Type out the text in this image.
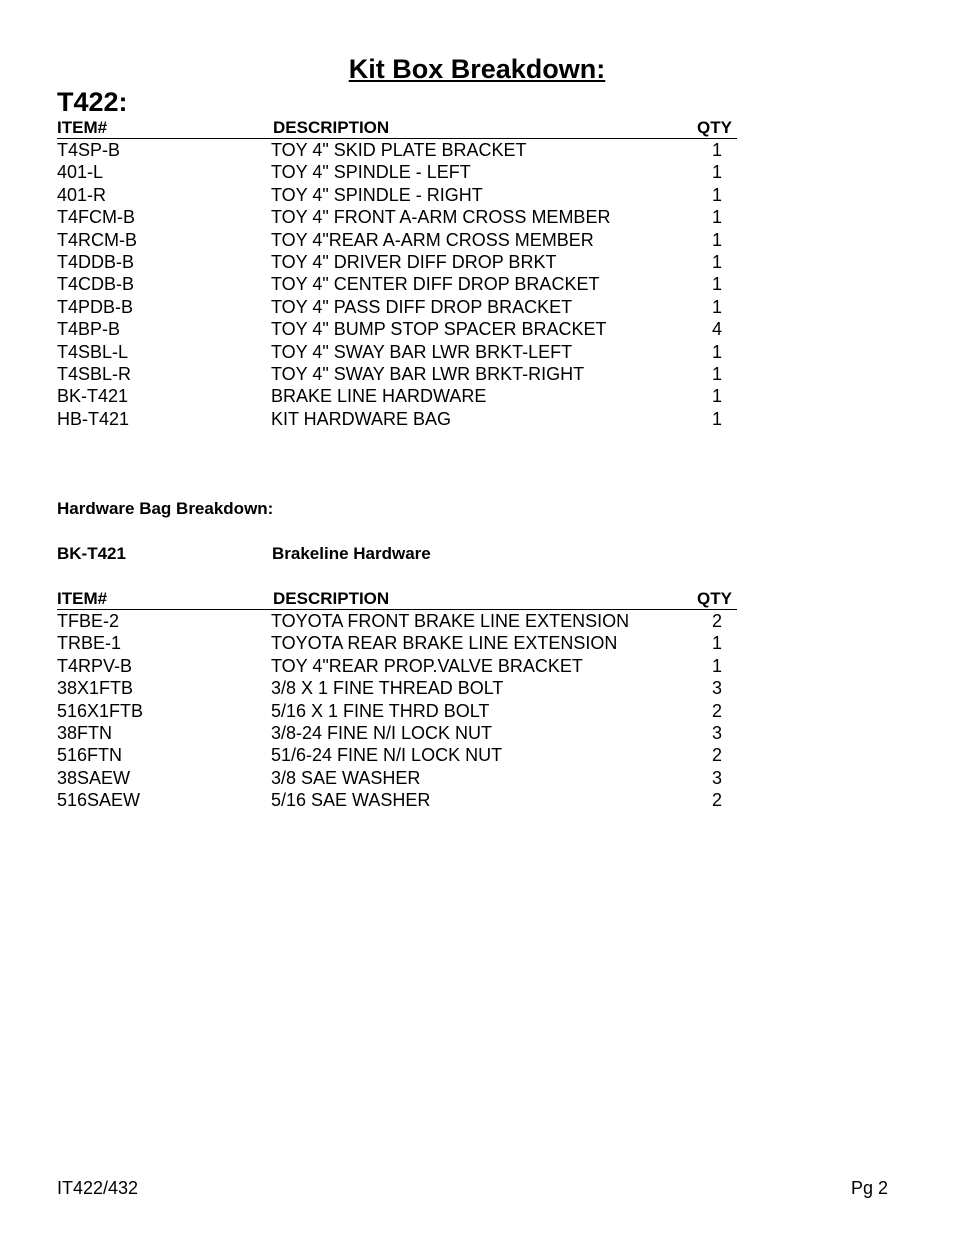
Kit Box Breakdown:
T422:
ITEM#	DESCRIPTION	QTY
T4SP-B	TOY 4" SKID PLATE BRACKET	1
401-L	TOY 4" SPINDLE - LEFT	1
401-R	TOY 4" SPINDLE - RIGHT	1
T4FCM-B	TOY 4" FRONT A-ARM CROSS MEMBER	1
T4RCM-B	TOY 4"REAR A-ARM CROSS MEMBER	1
T4DDB-B	TOY 4" DRIVER DIFF DROP BRKT	1
T4CDB-B	TOY 4" CENTER DIFF DROP BRACKET	1
T4PDB-B	TOY 4" PASS DIFF DROP BRACKET	1
T4BP-B	TOY 4" BUMP STOP SPACER BRACKET	4
T4SBL-L	TOY 4" SWAY BAR LWR BRKT-LEFT	1
T4SBL-R	TOY 4" SWAY BAR LWR BRKT-RIGHT	1
BK-T421	BRAKE LINE HARDWARE	1
HB-T421	KIT HARDWARE BAG	1
Hardware Bag Breakdown:
BK-T421	Brakeline Hardware
ITEM#	DESCRIPTION	QTY
TFBE-2	TOYOTA FRONT BRAKE LINE EXTENSION	2
TRBE-1	TOYOTA REAR BRAKE LINE EXTENSION	1
T4RPV-B	TOY 4"REAR PROP.VALVE BRACKET	1
38X1FTB	3/8 X 1 FINE THREAD BOLT	3
516X1FTB	5/16 X 1 FINE THRD BOLT	2
38FTN	3/8-24 FINE N/I LOCK NUT	3
516FTN	51/6-24 FINE N/I LOCK NUT	2
38SAEW	3/8 SAE WASHER	3
516SAEW	5/16 SAE WASHER	2
IT422/432	Pg 2
